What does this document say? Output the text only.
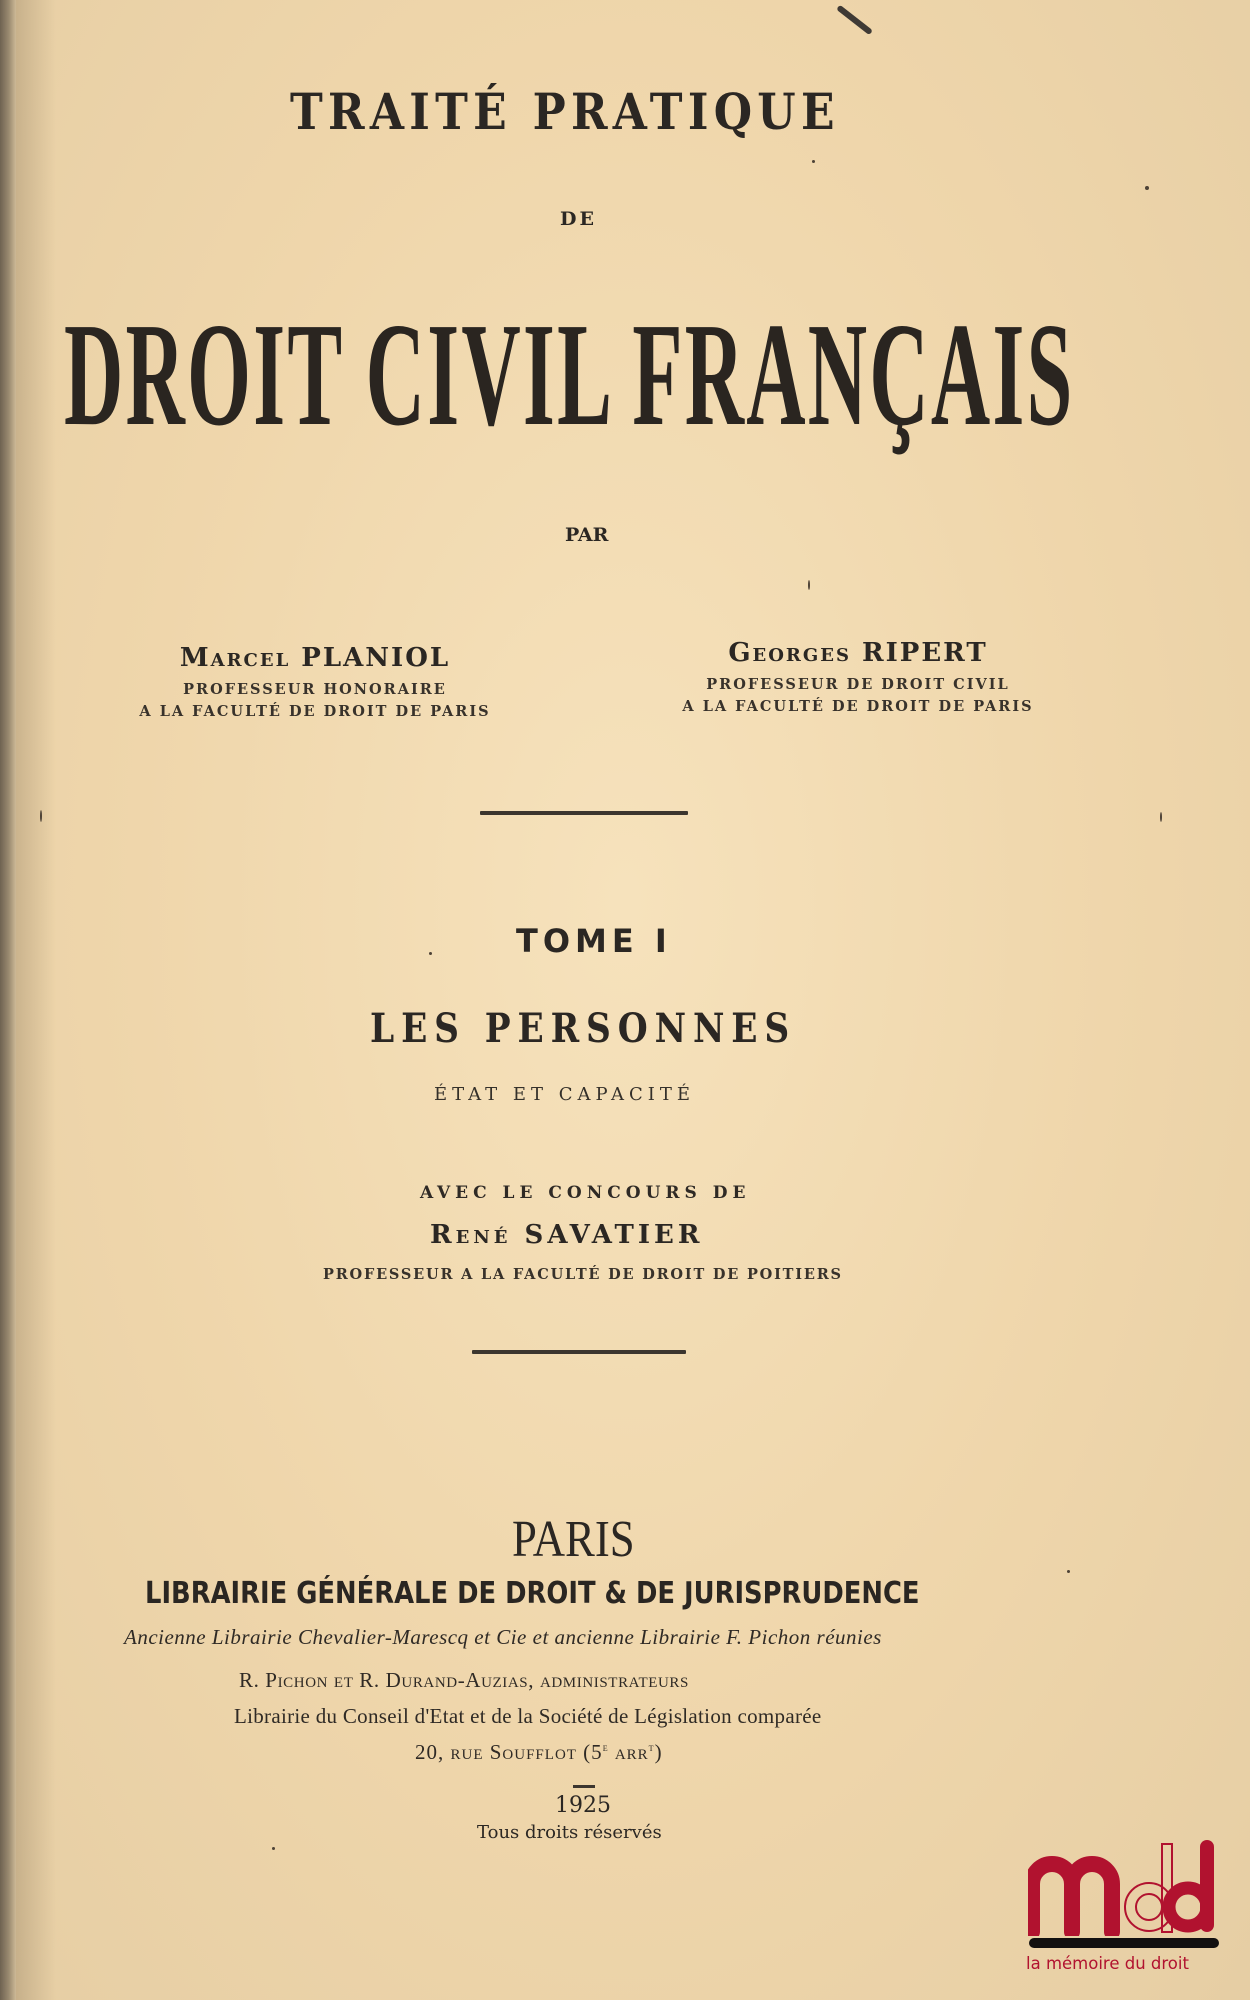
TRAITÉ PRATIQUE
DE
DROIT CIVIL FRANÇAIS
PAR
Marcel PLANIOL
PROFESSEUR HONORAIRE
A LA FACULTÉ DE DROIT DE PARIS
Georges RIPERT
PROFESSEUR DE DROIT CIVIL
A LA FACULTÉ DE DROIT DE PARIS
TOME I
LES PERSONNES
ÉTAT ET CAPACITÉ
AVEC LE CONCOURS DE
René SAVATIER
PROFESSEUR A LA FACULTÉ DE DROIT DE POITIERS
PARIS
LIBRAIRIE GÉNÉRALE DE DROIT & DE JURISPRUDENCE
Ancienne Librairie Chevalier-Marescq et Cie et ancienne Librairie F. Pichon réunies
R. Pichon et R. Durand-Auzias, administrateurs
Librairie du Conseil d'Etat et de la Société de Législation comparée
20, rue Soufflot (5e arr$^t$)
1925
Tous droits réservés
la mémoire du droit
